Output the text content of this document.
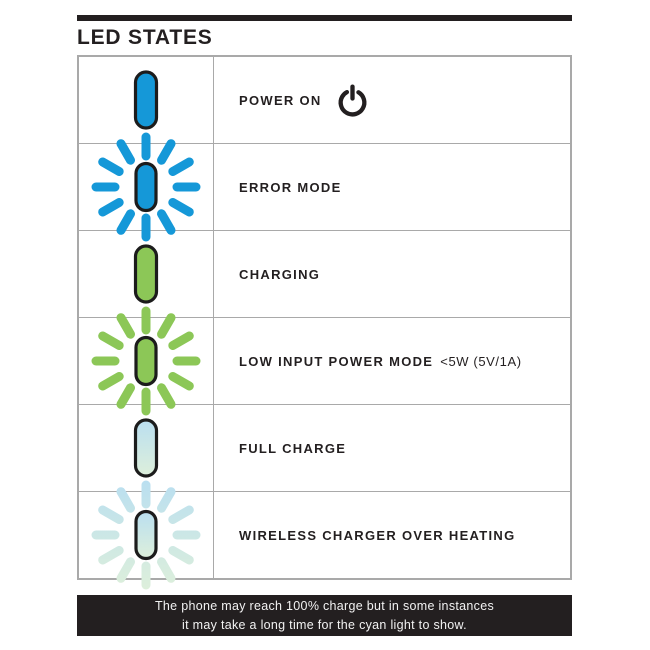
LED STATES
POWER ON
ERROR MODE
CHARGING
LOW INPUT POWER MODE <5W (5V/1A)
FULL CHARGE
WIRELESS CHARGER OVER HEATING
The phone may reach 100% charge but in some instances
it may take a long time for the cyan light to show.
